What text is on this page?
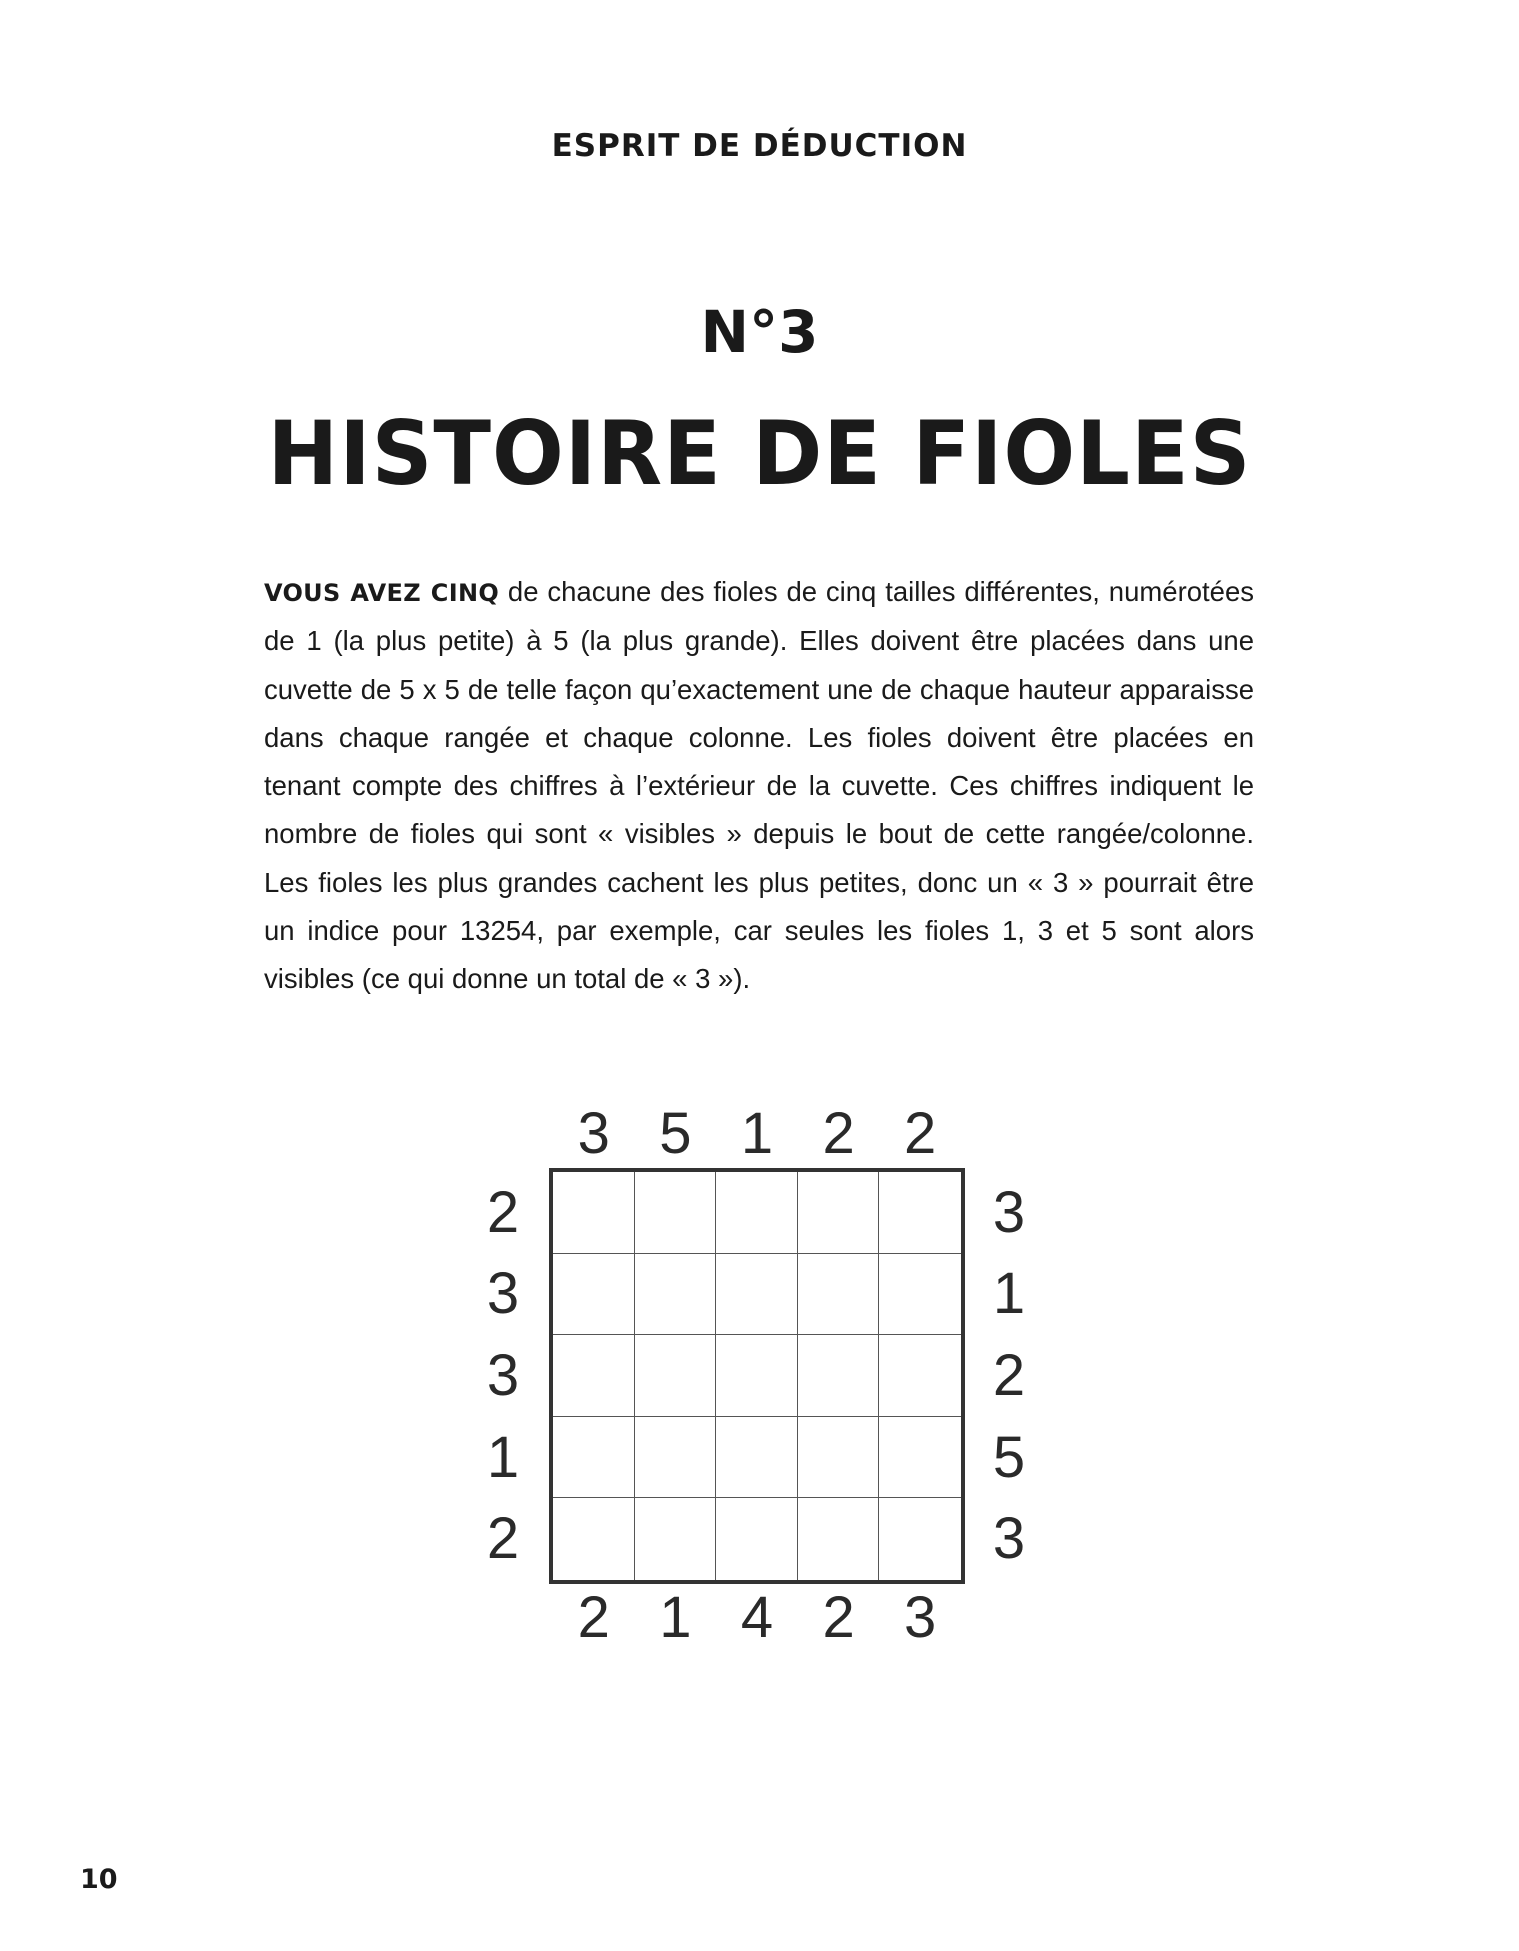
ESPRIT DE DÉDUCTION
N°3
HISTOIRE DE FIOLES
VOUS AVEZ CINQ de chacune des fioles de cinq tailles différentes, numérotées de 1 (la plus petite) à 5 (la plus grande). Elles doivent être placées dans une cuvette de 5 x 5 de telle façon qu’exactement une de chaque hauteur apparaisse dans chaque rangée et chaque colonne. Les fioles doivent être placées en tenant compte des chiffres à l’extérieur de la cuvette. Ces chiffres indiquent le nombre de fioles qui sont « visibles » depuis le bout de cette rangée/colonne. Les fioles les plus grandes cachent les plus petites, donc un « 3 » pourrait être un indice pour 13254, par exemple, car seules les fioles 1, 3 et 5 sont alors visibles (ce qui donne un total de « 3 »).
3 5 1 2 2
2 1 4 2 3
2
3
3
1
2
3
1
2
5
3
10
